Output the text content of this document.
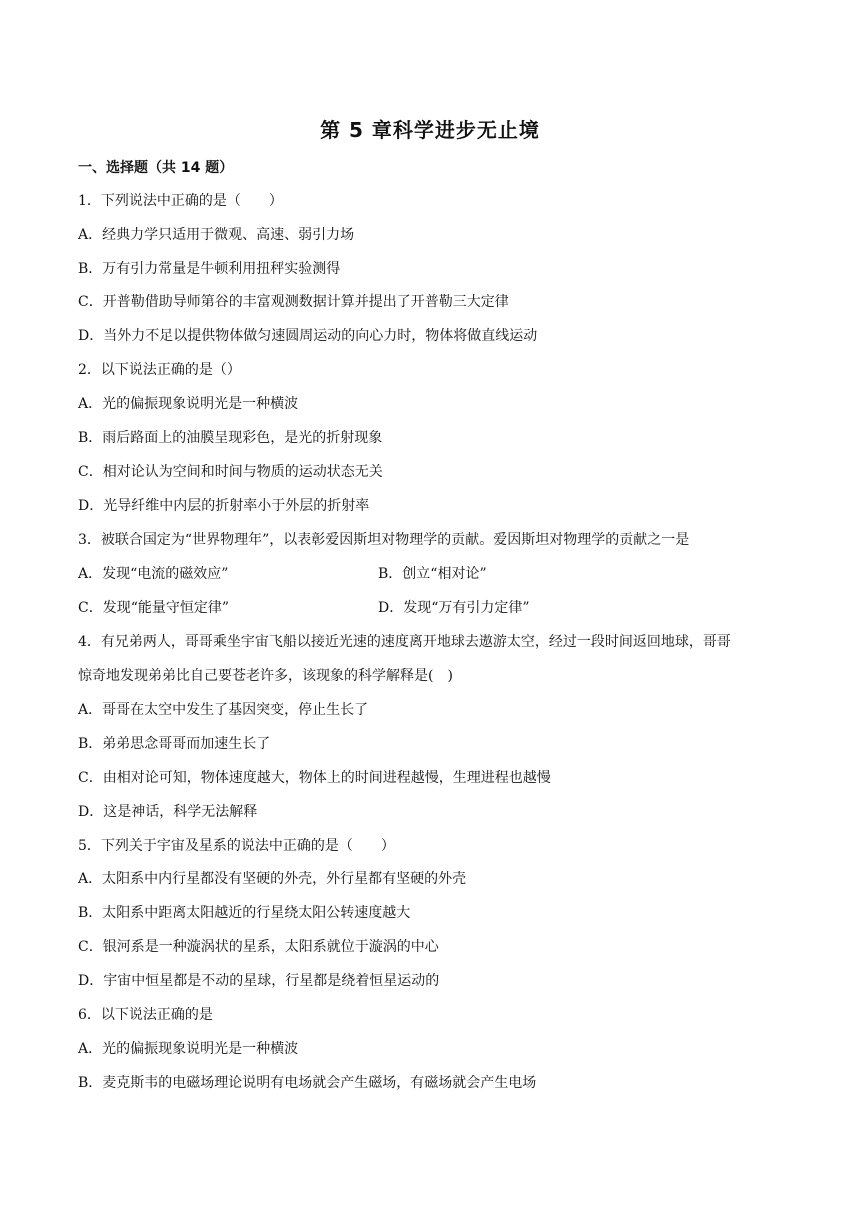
第 5 章科学进步无止境
一、选择题（共 14 题）
1．下列说法中正确的是（　　）
A．经典力学只适用于微观、高速、弱引力场
B．万有引力常量是牛顿利用扭秤实验测得
C．开普勒借助导师第谷的丰富观测数据计算并提出了开普勒三大定律
D．当外力不足以提供物体做匀速圆周运动的向心力时，物体将做直线运动
2．以下说法正确的是（）
A．光的偏振现象说明光是一种横波
B．雨后路面上的油膜呈现彩色，是光的折射现象
C．相对论认为空间和时间与物质的运动状态无关
D．光导纤维中内层的折射率小于外层的折射率
3．被联合国定为“世界物理年”，以表彰爱因斯坦对物理学的贡献。爱因斯坦对物理学的贡献之一是
A．发现“电流的磁效应”	B．创立“相对论”
C．发现“能量守恒定律”	D．发现“万有引力定律”
4．有兄弟两人，哥哥乘坐宇宙飞船以接近光速的速度离开地球去遨游太空，经过一段时间返回地球，哥哥
惊奇地发现弟弟比自己要苍老许多，该现象的科学解释是(　)
A．哥哥在太空中发生了基因突变，停止生长了
B．弟弟思念哥哥而加速生长了
C．由相对论可知，物体速度越大，物体上的时间进程越慢，生理进程也越慢
D．这是神话，科学无法解释
5．下列关于宇宙及星系的说法中正确的是（　　）
A．太阳系中内行星都没有坚硬的外壳，外行星都有坚硬的外壳
B．太阳系中距离太阳越近的行星绕太阳公转速度越大
C．银河系是一种漩涡状的星系，太阳系就位于漩涡的中心
D．宇宙中恒星都是不动的星球，行星都是绕着恒星运动的
6．以下说法正确的是
A．光的偏振现象说明光是一种横波
B．麦克斯韦的电磁场理论说明有电场就会产生磁场，有磁场就会产生电场
